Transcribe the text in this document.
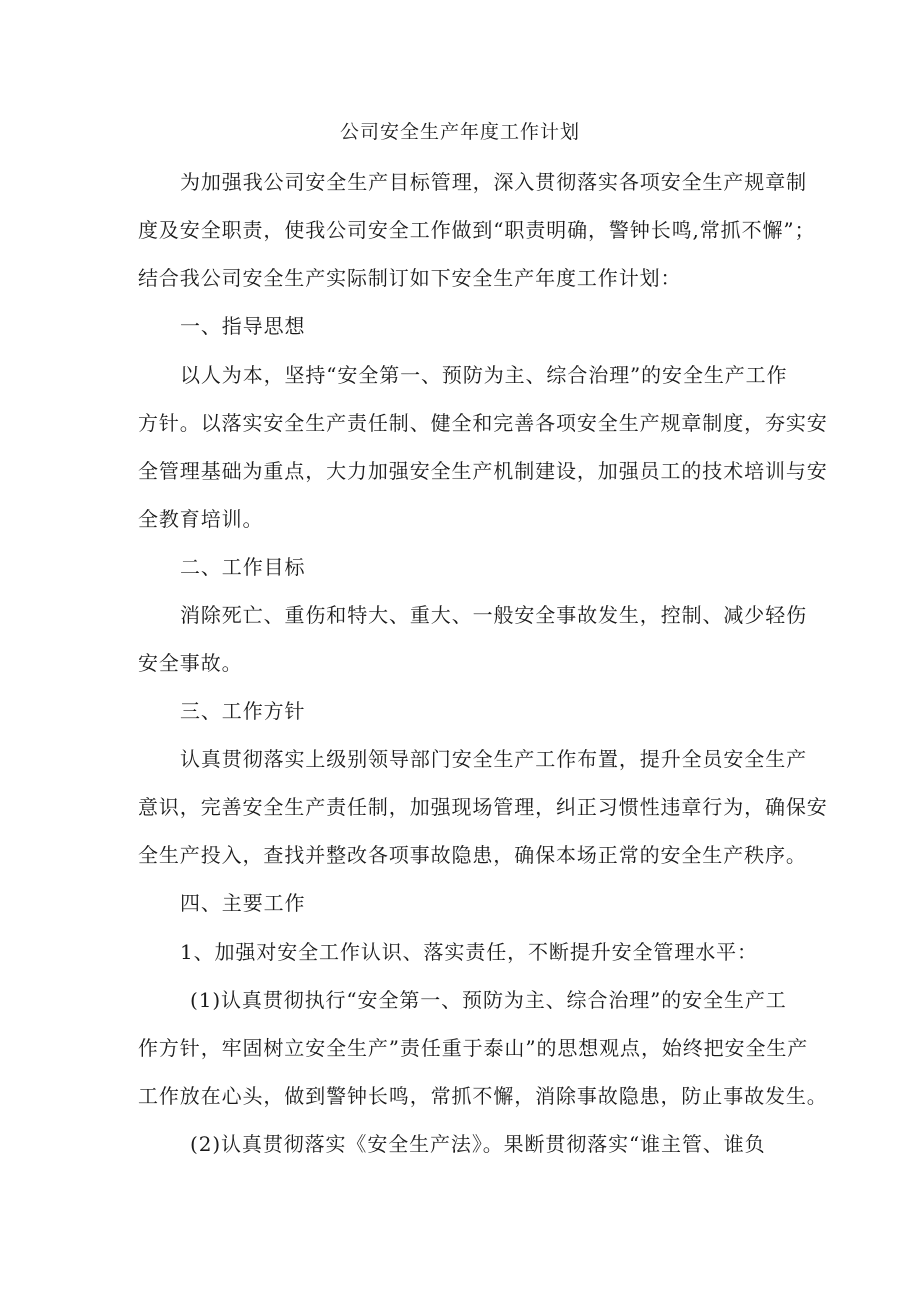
公司安全生产年度工作计划
为加强我公司安全生产目标管理，深入贯彻落实各项安全生产规章制
度及安全职责，使我公司安全工作做到“职责明确，警钟长鸣,常抓不懈”；
结合我公司安全生产实际制订如下安全生产年度工作计划：
一、指导思想
以人为本，坚持“安全第一、预防为主、综合治理”的安全生产工作
方针。以落实安全生产责任制、健全和完善各项安全生产规章制度，夯实安
全管理基础为重点，大力加强安全生产机制建设，加强员工的技术培训与安
全教育培训。
二、工作目标
消除死亡、重伤和特大、重大、一般安全事故发生，控制、减少轻伤
安全事故。
三、工作方针
认真贯彻落实上级别领导部门安全生产工作布置，提升全员安全生产
意识，完善安全生产责任制，加强现场管理，纠正习惯性违章行为，确保安
全生产投入，查找并整改各项事故隐患，确保本场正常的安全生产秩序。
四、主要工作
1、加强对安全工作认识、落实责任，不断提升安全管理水平：
(1)认真贯彻执行“安全第一、预防为主、综合治理”的安全生产工
作方针，牢固树立安全生产”责任重于泰山”的思想观点，始终把安全生产
工作放在心头，做到警钟长鸣，常抓不懈，消除事故隐患，防止事故发生。
(2)认真贯彻落实《安全生产法》。果断贯彻落实“谁主管、谁负
